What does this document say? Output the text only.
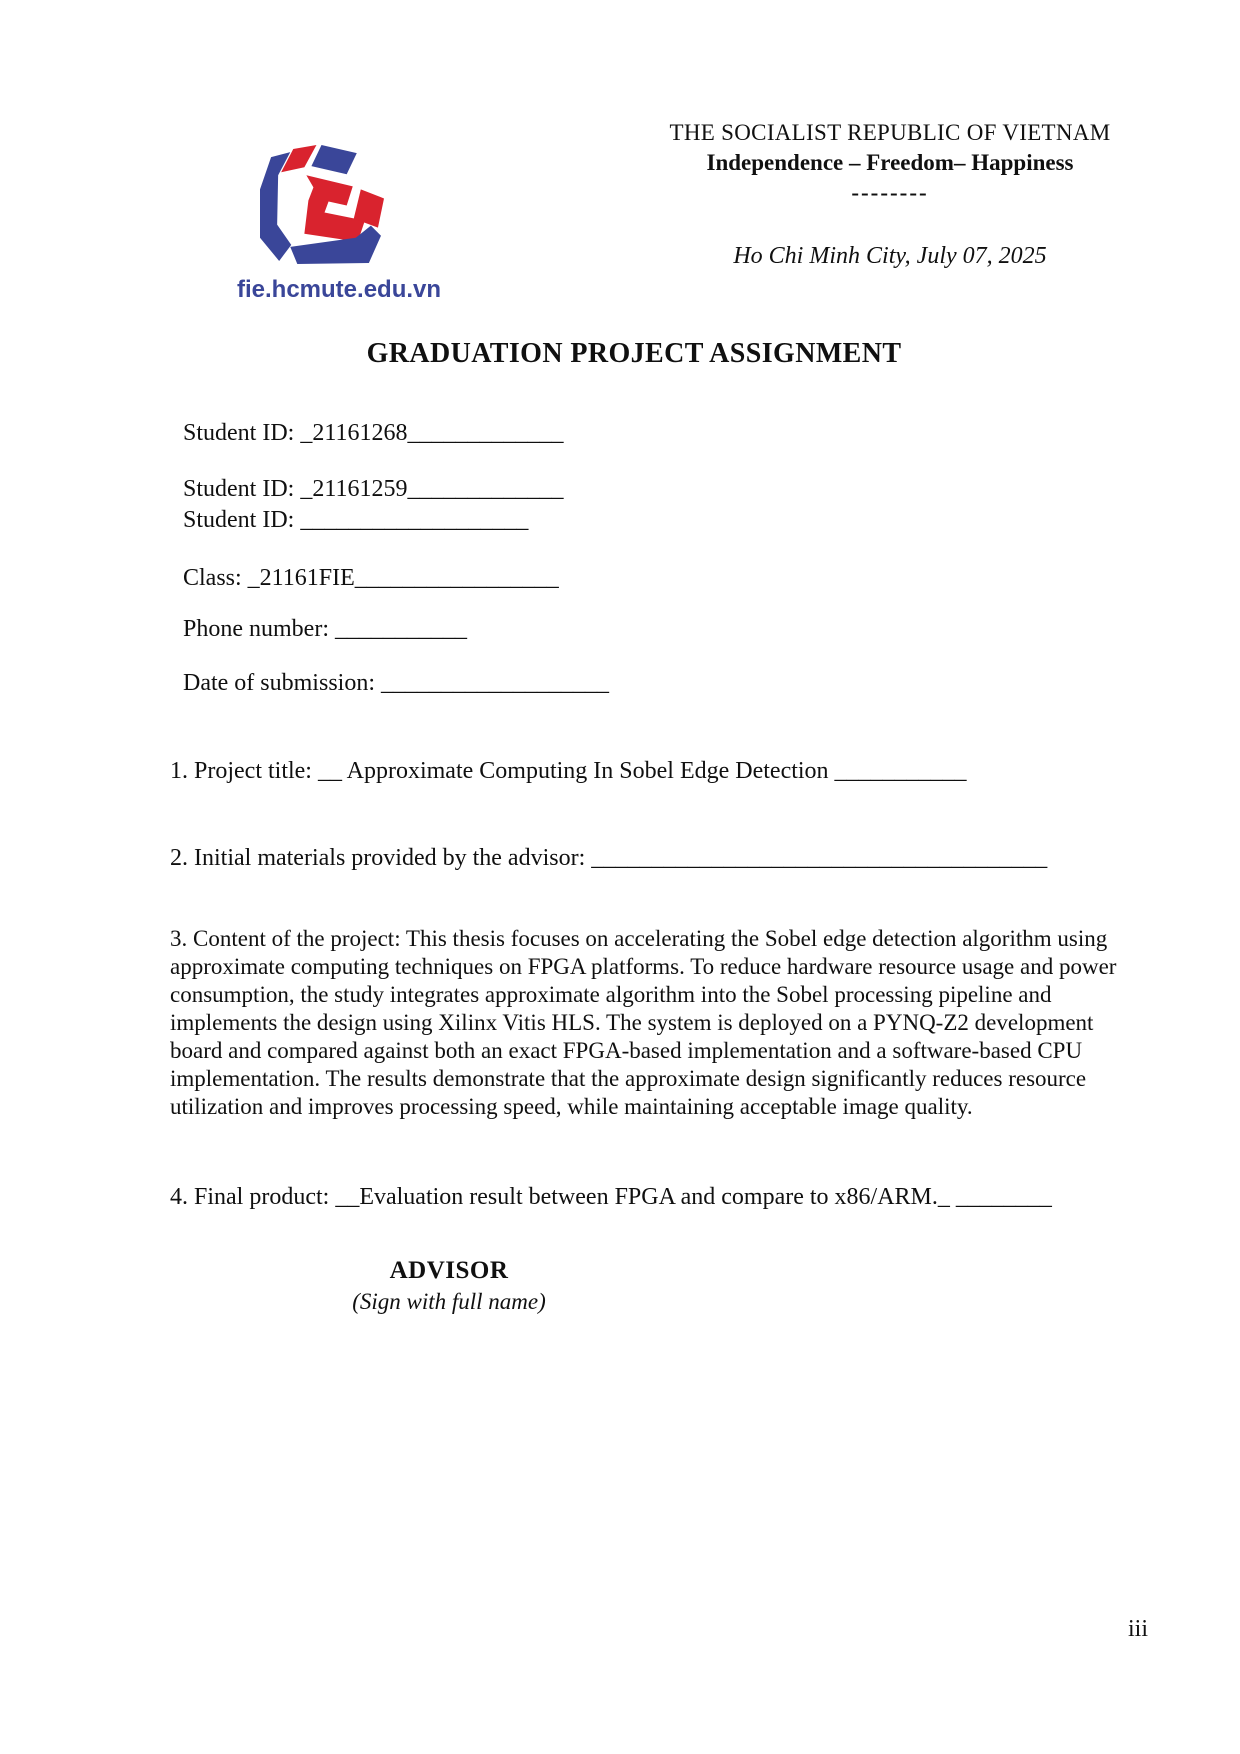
fie.hcmute.edu.vn
THE SOCIALIST REPUBLIC OF VIETNAM
Independence – Freedom– Happiness
--------
Ho Chi Minh City, July 07, 2025
GRADUATION PROJECT ASSIGNMENT
Student ID: _21161268_____________
Student ID: _21161259_____________
Student ID: ___________________
Class: _21161FIE_________________
Phone number: ___________
Date of submission: ___________________
1. Project title: __ Approximate Computing In Sobel Edge Detection ___________
2. Initial materials provided by the advisor: ______________________________________
3. Content of the project: This thesis focuses on accelerating the Sobel edge detection algorithm using approximate computing techniques on FPGA platforms. To reduce hardware resource usage and power consumption, the study integrates approximate algorithm into the Sobel processing pipeline and implements the design using Xilinx Vitis HLS. The system is deployed on a PYNQ-Z2 development board and compared against both an exact FPGA-based implementation and a software-based CPU implementation. The results demonstrate that the approximate design significantly reduces resource utilization and improves processing speed, while maintaining acceptable image quality.
4. Final product: __Evaluation result between FPGA and compare to x86/ARM._ ________
ADVISOR
(Sign with full name)
iii
